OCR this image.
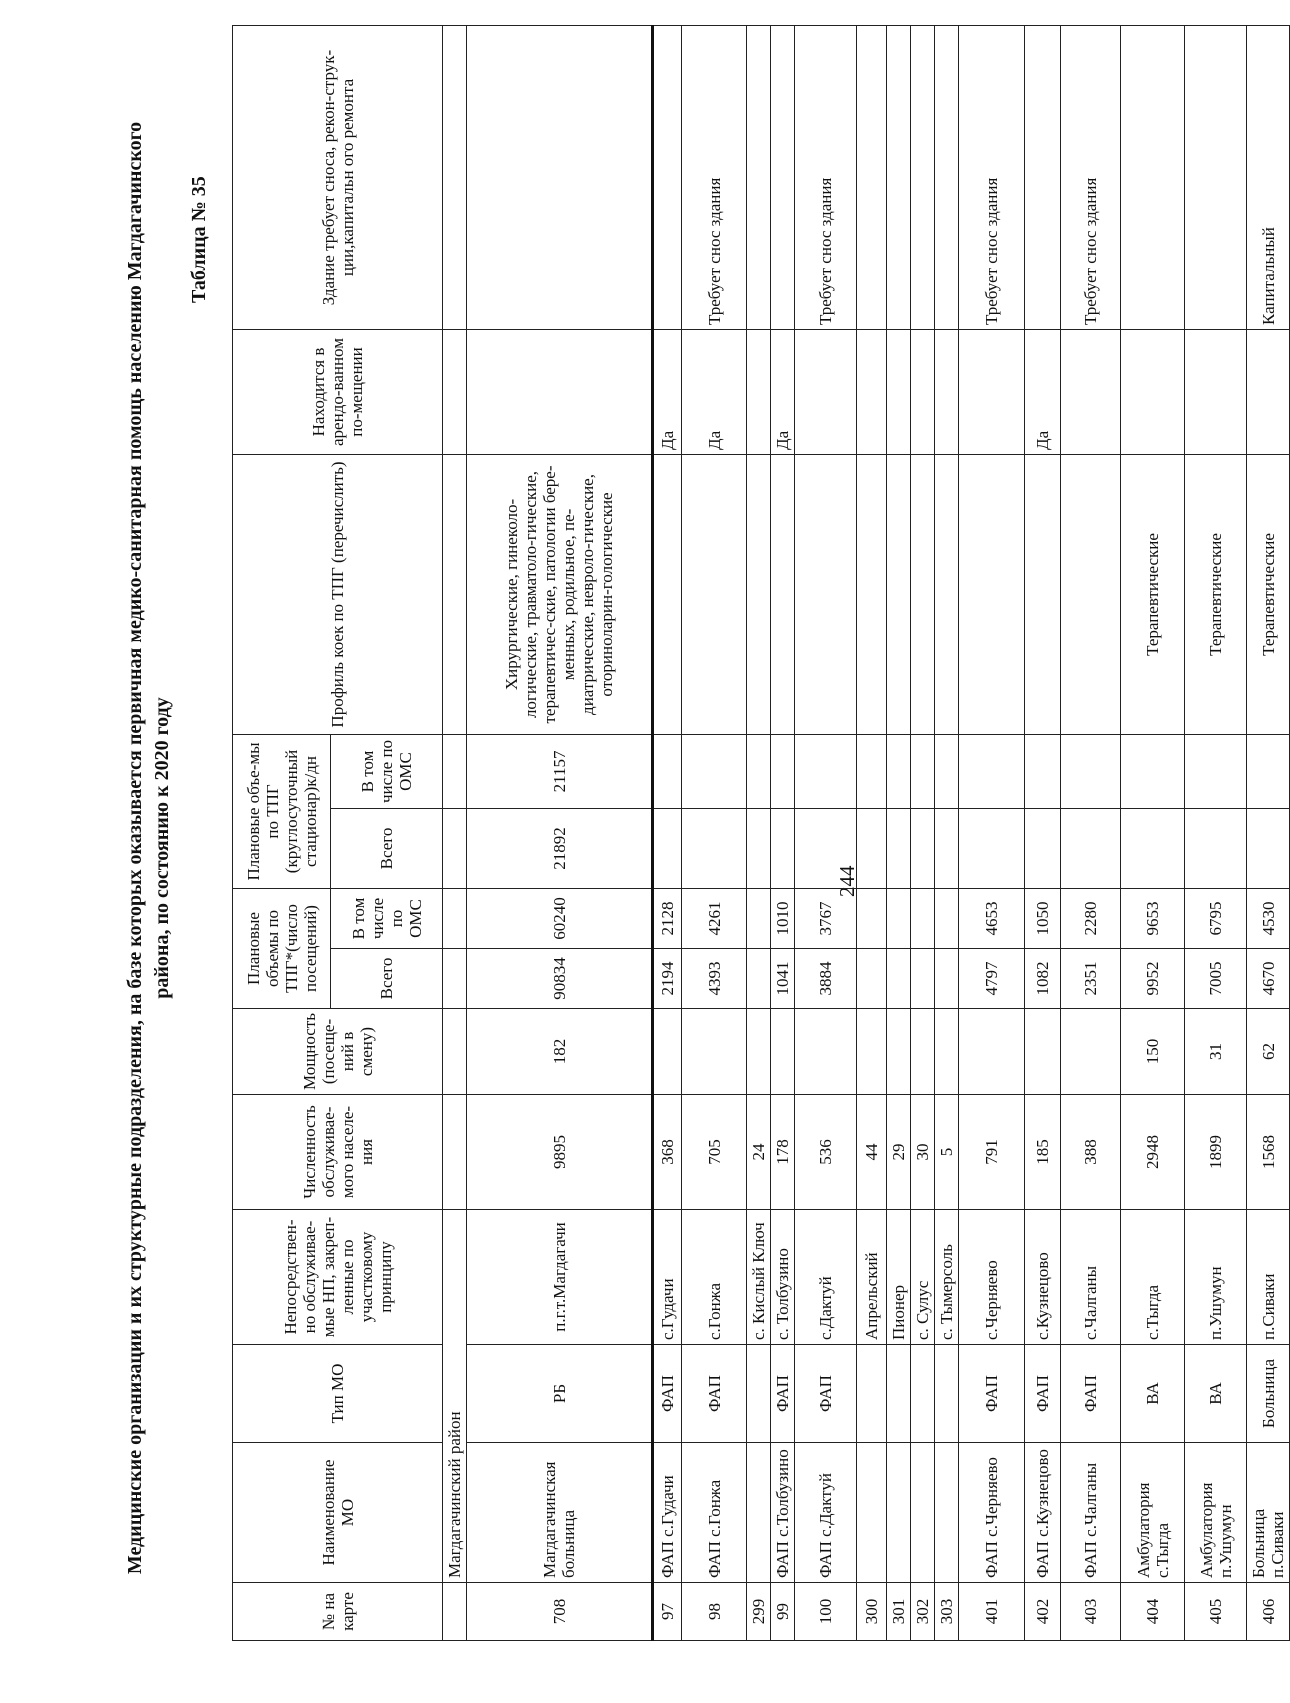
244
Медицинские организации и их структурные подразделения, на базе которых оказывается первичная медико-санитарная помощь населению Магдагачинского района, по состоянию к 2020 году
Таблица № 35
№ на карте	Наименование МО	Тип МО	Непосредствен-но обслуживае-мые НП, закреп-ленные по участковому принципу	Численность обслуживае-мого населе-ния	Мощность (посеще-ний в смену)	Плановые объемы по ТПГ*(число посещений)		Плановые объе-мы по ТПГ (круглосуточный стационар)к/дн		Профиль коек по ТПГ (перечислить)	Находится в арендо-ванном по-мещении	Здание требует сноса, рекон-струк-ции,капитальн ого ремонта
						Всего	В том числе по ОМС	Всего	В том числе по ОМС			
	Магдагачинский район											
708	Магдагачинская больница	РБ	п.г.т.Магдагачи	9895	182	90834	60240	21892	21157	Хирургические, гинеколо-логические, травматоло-гические, терапевтичес-ские, патологии бере-менных, родильное, пе-диатрические, невроло-гические, оториноларин-гологические		
97	ФАП с.Гудачи	ФАП	с.Гудачи	368		2194	2128				Да	
98	ФАП с.Гонжа	ФАП	с.Гонжа	705		4393	4261				Да	Требует снос здания
299			с. Кислый Ключ	24								
99	ФАП с.Толбузино	ФАП	с. Толбузино	178		1041	1010				Да	
100	ФАП с.Дактуй	ФАП	с.Дактуй	536		3884	3767					Требует снос здания
300			Апрельский	44								
301			Пионер	29								
302			с. Сулус	30								
303			с. Тымерсоль	5								
401	ФАП с.Черняево	ФАП	с.Черняево	791		4797	4653					Требует снос здания
402	ФАП с.Кузнецово	ФАП	с.Кузнецово	185		1082	1050				Да	
403	ФАП с.Чалганы	ФАП	с.Чалганы	388		2351	2280					Требует снос здания
404	Амбулатория с.Тыгда	ВА	с.Тыгда	2948	150	9952	9653			Терапевтические		
405	Амбулатория п.Ушумун	ВА	п.Ушумун	1899	31	7005	6795			Терапевтические		
406	Больница п.Сиваки	Больница	п.Сиваки	1568	62	4670	4530			Терапевтические		Капитальный
